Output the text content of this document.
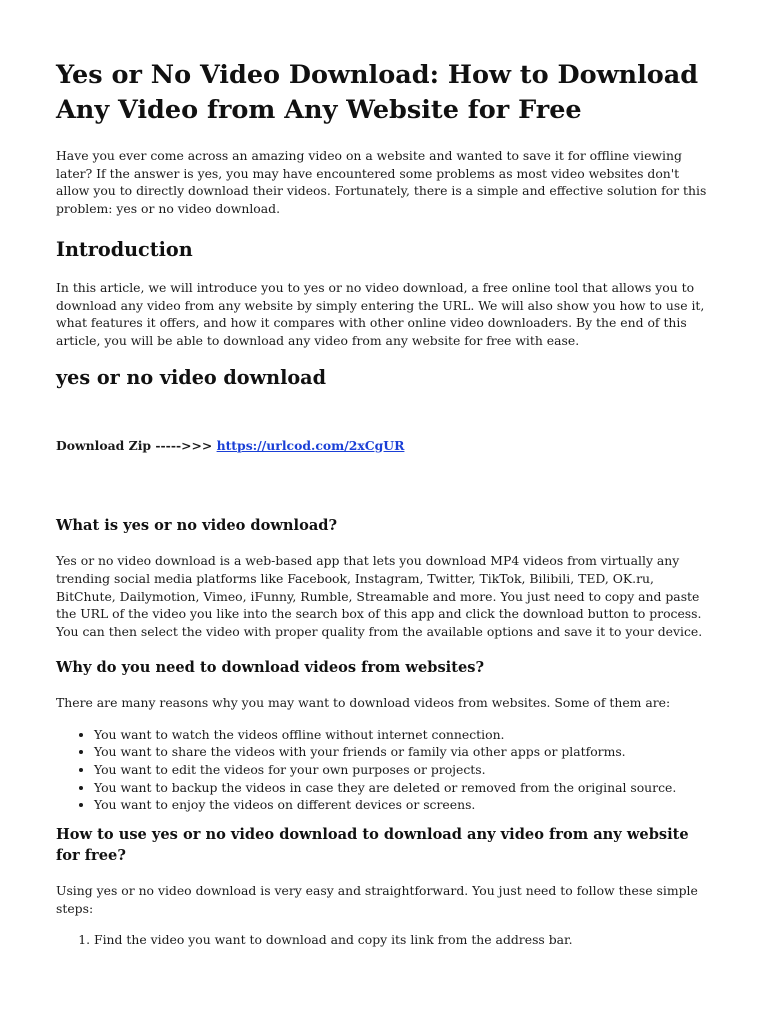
Yes or No Video Download: How to Download Any Video from Any Website for Free

Have you ever come across an amazing video on a website and wanted to save it for offline viewing later? If the answer is yes, you may have encountered some problems as most video websites don't allow you to directly download their videos. Fortunately, there is a simple and effective solution for this problem: yes or no video download.

Introduction

In this article, we will introduce you to yes or no video download, a free online tool that allows you to download any video from any website by simply entering the URL. We will also show you how to use it, what features it offers, and how it compares with other online video downloaders. By the end of this article, you will be able to download any video from any website for free with ease.

yes or no video download
Download Zip ----->>> https://urlcod.com/2xCgUR
What is yes or no video download?

Yes or no video download is a web-based app that lets you download MP4 videos from virtually any trending social media platforms like Facebook, Instagram, Twitter, TikTok, Bilibili, TED, OK.ru, BitChute, Dailymotion, Vimeo, iFunny, Rumble, Streamable and more. You just need to copy and paste the URL of the video you like into the search box of this app and click the download button to process. You can then select the video with proper quality from the available options and save it to your device.

Why do you need to download videos from websites?

There are many reasons why you may want to download videos from websites. Some of them are:

• You want to watch the videos offline without internet connection.
• You want to share the videos with your friends or family via other apps or platforms.
• You want to edit the videos for your own purposes or projects.
• You want to backup the videos in case they are deleted or removed from the original source.
• You want to enjoy the videos on different devices or screens.
How to use yes or no video download to download any video from any website for free?

Using yes or no video download is very easy and straightforward. You just need to follow these simple steps:

1. Find the video you want to download and copy its link from the address bar.
